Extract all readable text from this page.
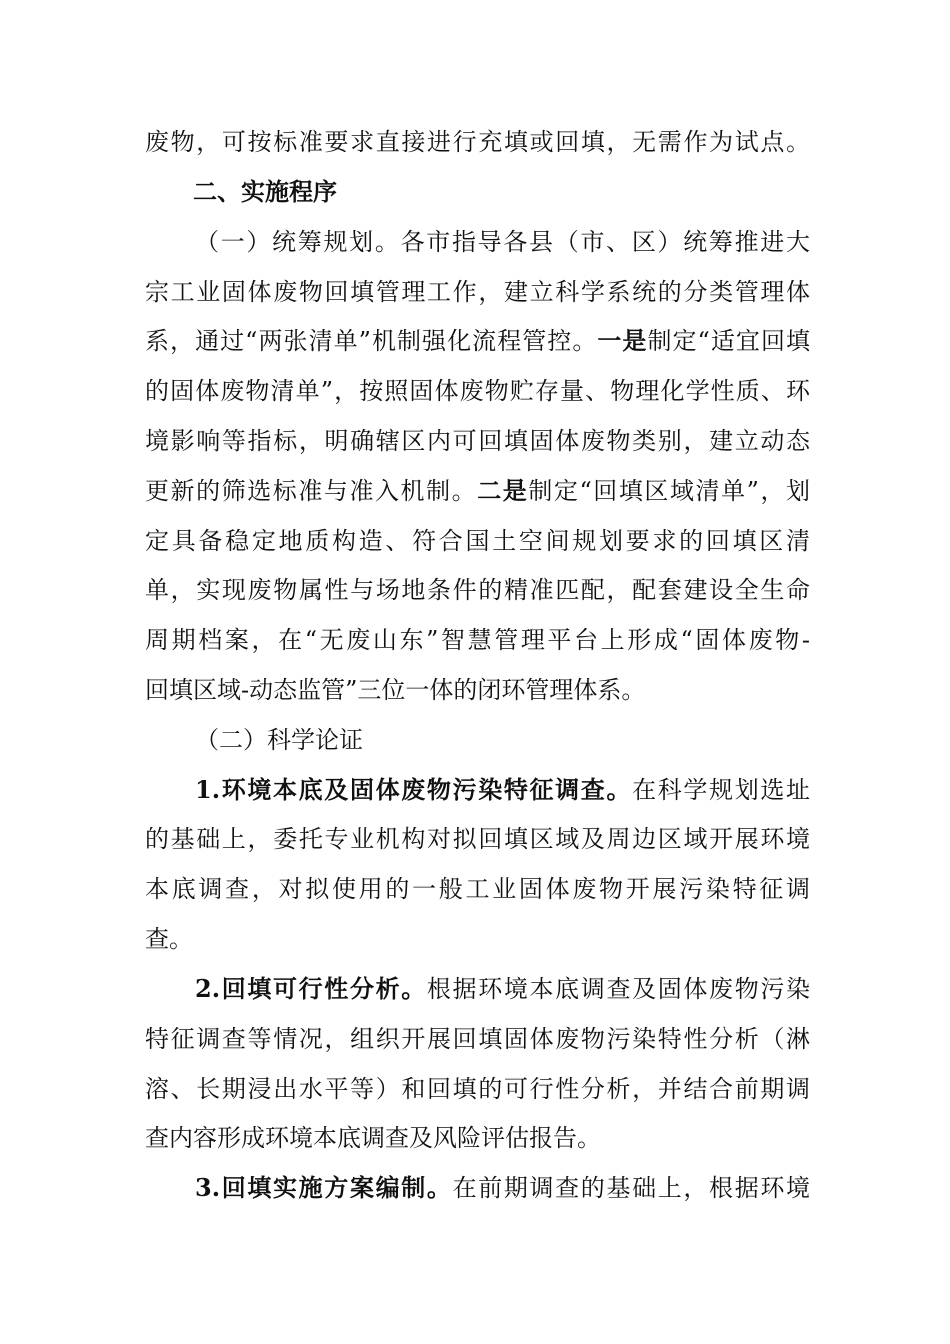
废物，可按标准要求直接进行充填或回填，无需作为试点。
二、实施程序
（一）统筹规划。各市指导各县（市、区）统筹推进大
宗工业固体废物回填管理工作，建立科学系统的分类管理体
系，通过“两张清单”机制强化流程管控。一是制定“适宜回填
的固体废物清单”，按照固体废物贮存量、物理化学性质、环
境影响等指标，明确辖区内可回填固体废物类别，建立动态
更新的筛选标准与准入机制。二是制定“回填区域清单”，划
定具备稳定地质构造、符合国土空间规划要求的回填区清
单，实现废物属性与场地条件的精准匹配，配套建设全生命
周期档案，在“无废山东”智慧管理平台上形成“固体废物-
回填区域-动态监管”三位一体的闭环管理体系。
（二）科学论证
1.环境本底及固体废物污染特征调查。在科学规划选址
的基础上，委托专业机构对拟回填区域及周边区域开展环境
本底调查，对拟使用的一般工业固体废物开展污染特征调
查。
2.回填可行性分析。根据环境本底调查及固体废物污染
特征调查等情况，组织开展回填固体废物污染特性分析（淋
溶、长期浸出水平等）和回填的可行性分析，并结合前期调
查内容形成环境本底调查及风险评估报告。
3.回填实施方案编制。在前期调查的基础上，根据环境
